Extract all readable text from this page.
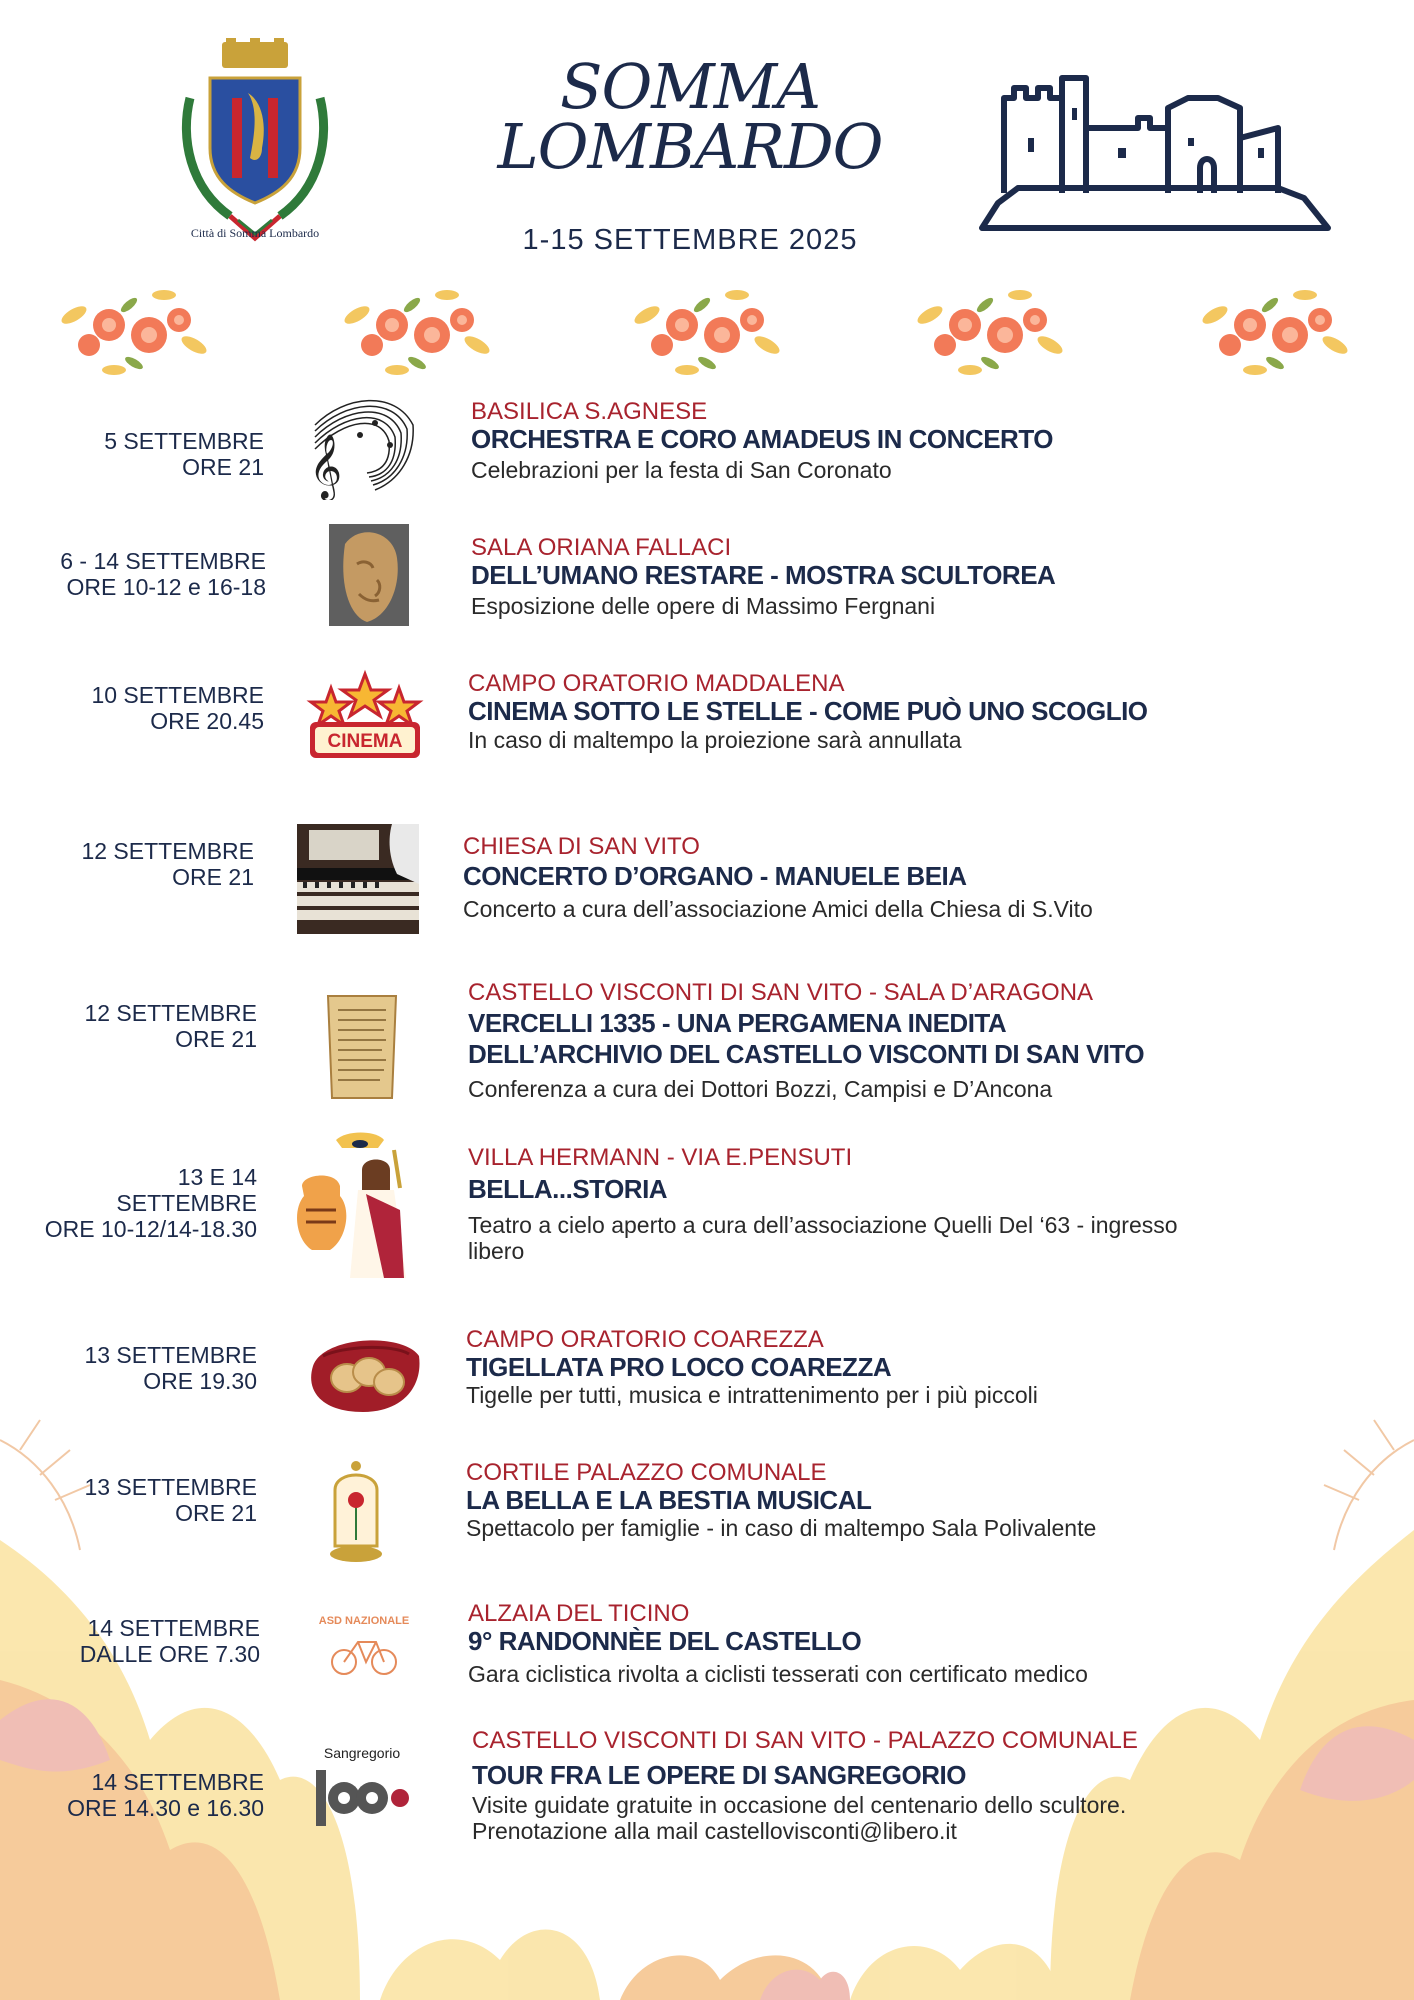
Città di Somma Lombardo
SOMMA
LOMBARDO
1-15 SETTEMBRE 2025
5 SETTEMBRE
ORE 21 𝄞
BASILICA S.AGNESE
ORCHESTRA E CORO AMADEUS IN CONCERTO
Celebrazioni per la festa di San Coronato
6 - 14 SETTEMBRE
ORE 10-12 e 16-18
SALA ORIANA FALLACI
DELL’UMANO RESTARE - MOSTRA SCULTOREA
Esposizione delle opere di Massimo Fergnani
10 SETTEMBRE
ORE 20.45
CINEMA
CAMPO ORATORIO MADDALENA
CINEMA SOTTO LE STELLE - COME PUÒ UNO SCOGLIO
In caso di maltempo la proiezione sarà annullata
12 SETTEMBRE
ORE 21
CHIESA DI SAN VITO
CONCERTO D’ORGANO - MANUELE BEIA
Concerto a cura dell’associazione Amici della Chiesa di S.Vito
12 SETTEMBRE
ORE 21
CASTELLO VISCONTI DI SAN VITO - SALA D’ARAGONA
VERCELLI 1335 - UNA PERGAMENA INEDITA
DELL’ARCHIVIO DEL CASTELLO VISCONTI DI SAN VITO
Conferenza a cura dei Dottori Bozzi, Campisi e D’Ancona
13 E 14
SETTEMBRE
ORE 10-12/14-18.30
VILLA HERMANN - VIA E.PENSUTI
BELLA...STORIA
Teatro a cielo aperto a cura dell’associazione Quelli Del ‘63 - ingresso
libero
13 SETTEMBRE
ORE 19.30
CAMPO ORATORIO COAREZZA
TIGELLATA PRO LOCO COAREZZA
Tigelle per tutti, musica e intrattenimento per i più piccoli
13 SETTEMBRE
ORE 21
CORTILE PALAZZO COMUNALE
LA BELLA E LA BESTIA MUSICAL
Spettacolo per famiglie - in caso di maltempo Sala Polivalente
14 SETTEMBRE
DALLE ORE 7.30
ASD NAZIONALE ALZAIA DEL TICINO
9° RANDONNÈE DEL CASTELLO
Gara ciclistica rivolta a ciclisti tesserati con certificato medico
14 SETTEMBRE
ORE 14.30 e 16.30
Sangregorio	CASTELLO VISCONTI DI SAN VITO - PALAZZO COMUNALE
TOUR FRA LE OPERE DI SANGREGORIO
Visite guidate gratuite in occasione del centenario dello scultore.
Prenotazione alla mail castellovisconti@libero.it
